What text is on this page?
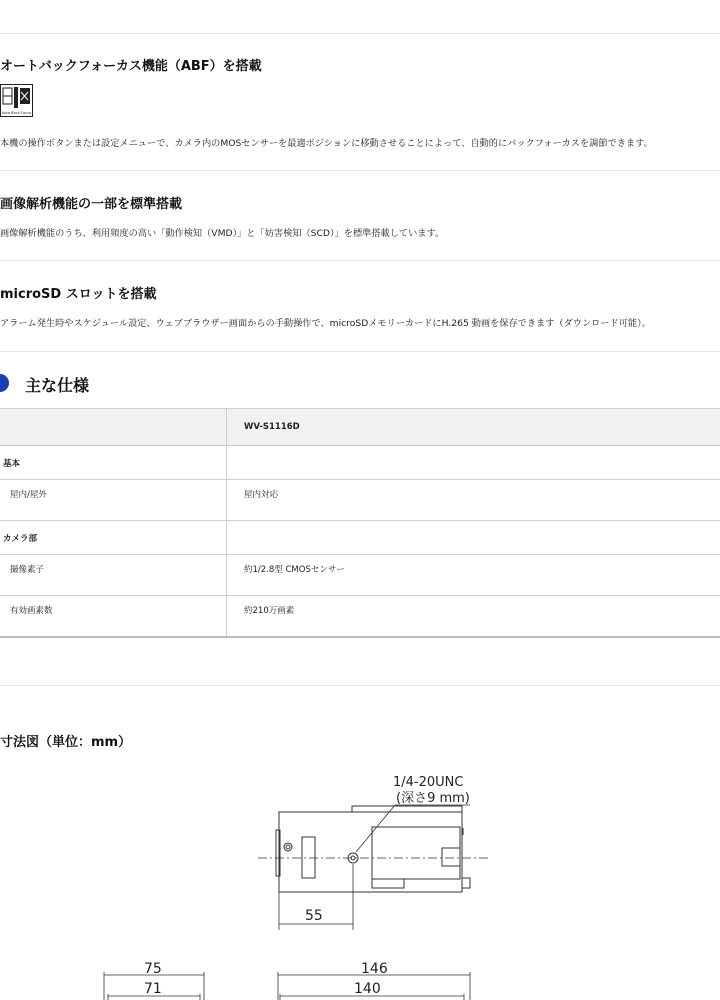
オートバックフォーカス機能（ABF）を搭載
Auto Back Focus
本機の操作ボタンまたは設定メニューで、カメラ内のMOSセンサーを最適ポジションに移動させることによって、自動的にバックフォーカスを調節できます。
画像解析機能の一部を標準搭載
画像解析機能のうち、利用頻度の高い「動作検知（VMD）」と「妨害検知（SCD）」を標準搭載しています。
microSD スロットを搭載
アラーム発生時やスケジュール設定、ウェブブラウザー画面からの手動操作で、microSDメモリーカードにH.265 動画を保存できます（ダウンロード可能）。
主な仕様
	WV-S1116D
基本	
屋内/屋外	屋内対応
カメラ部	
撮像素子	約1/2.8型 CMOSセンサー
有効画素数	約210万画素
寸法図（単位：mm）
1/4-20UNC
(深さ9 mm)
55
75
71
146
140
